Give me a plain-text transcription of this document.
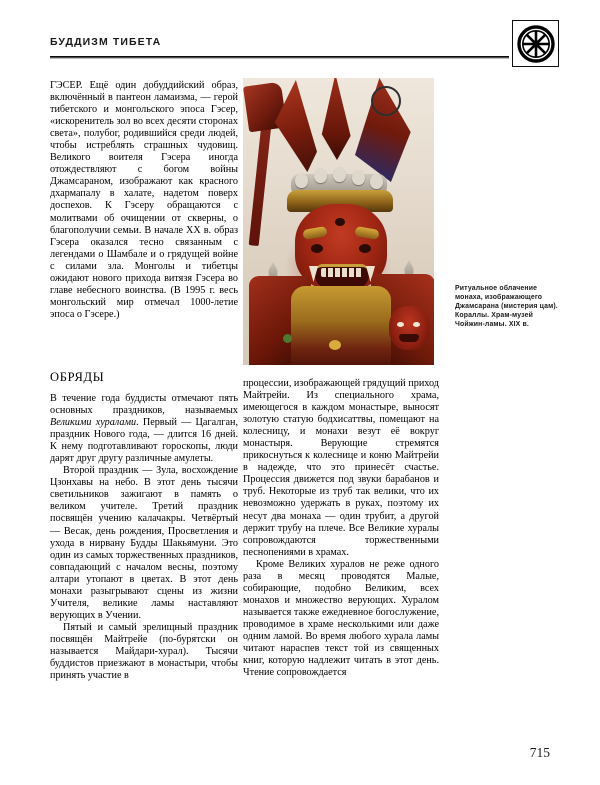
БУДДИЗМ ТИБЕТА
Ритуальное облачение монаха, изображающего Джамсарана (мистерия цам). Кораллы. Храм-музей Чойжин-ламы. XIX в.

ГЭСЕР. Ещё один добуддийский образ, включённый в пантеон ламаизма, — герой тибетского и монгольского эпоса Гэсер, «искоренитель зол во всех десяти сторонах света», полубог, родившийся среди людей, чтобы истреблять страшных чудовищ. Великого воителя Гэсера иногда отождествляют с богом войны Джамсараном, изображают как красного дхармапалу в халате, надетом поверх доспехов. К Гэсеру обращаются с молитвами об очищении от скверны, о благополучии семьи. В начале XX в. образ Гэсера оказался тесно связанным с легендами о Шамбале и о грядущей войне с силами зла. Монголы и тибетцы ожидают нового прихода витязя Гэсера во главе небесного воинства. (В 1995 г. весь монгольский мир отмечал 1000-летие эпоса о Гэсере.)

ОБРЯДЫ

В течение года буддисты отмечают пять основных праздников, называемых Великими хуралами. Первый — Цагалган, праздник Нового года, — длится 16 дней. К нему подготавливают гороскопы, люди дарят друг другу различные амулеты.

Второй праздник — Зула, восхождение Цзонхавы на небо. В этот день тысячи светильников зажигают в память о великом учителе. Третий праздник посвящён учению калачакры. Четвёртый — Весак, день рождения, Просветления и ухода в нирвану Будды Шакьямуни. Это один из самых торжественных праздников, совпадающий с началом весны, поэтому алтари утопают в цветах. В этот день монахи разыгрывают сцены из жизни Учителя, великие ламы наставляют верующих в Учении.

Пятый и самый зрелищный праздник посвящён Майтрейе (по-бурятски он называется Майдари-хурал). Тысячи буддистов приезжают в монастыри, чтобы принять участие в

процессии, изображающей грядущий приход Майтрейи. Из специального храма, имеющегося в каждом монастыре, выносят золотую статую бодхисаттвы, помещают на колесницу, и монахи везут её вокруг монастыря. Верующие стремятся прикоснуться к колеснице и коню Майтрейи в надежде, что это принесёт счастье. Процессия движется под звуки барабанов и труб. Некоторые из труб так велики, что их невозможно удержать в руках, поэтому их несут два монаха — один трубит, а другой держит трубу на плече. Все Великие хуралы сопровождаются торжественными песнопениями в храмах.

Кроме Великих хуралов не реже одного раза в месяц проводятся Малые, собирающие, подобно Великим, всех монахов и множество верующих. Хуралом называется также ежедневное богослужение, проводимое в храме несколькими или даже одним ламой. Во время любого хурала ламы читают нараспев текст той из священных книг, которую надлежит читать в этот день. Чтение сопровождается

715
